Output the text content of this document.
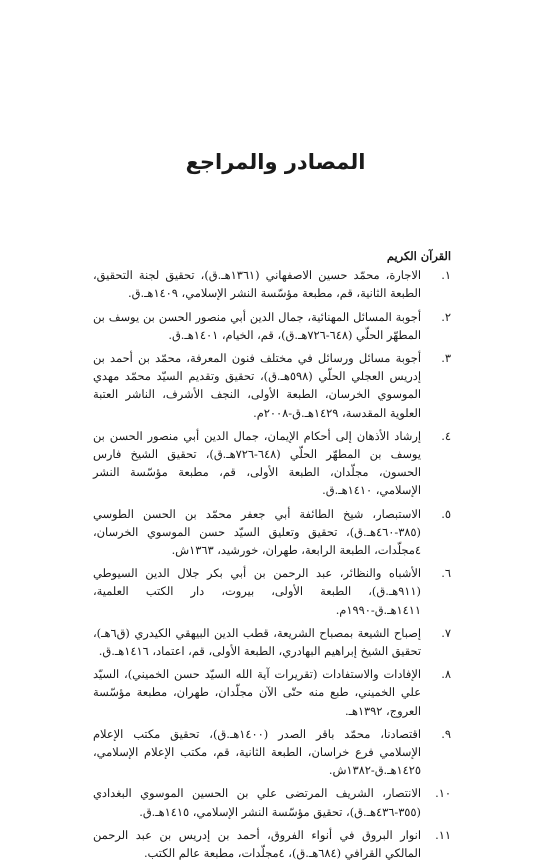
المصادر والمراجع
القرآن الكريم
١.
الاجارة، محمّد حسين الاصفهاني (١٣٦١هـ.ق)، تحقيق لجنة التحقيق، الطبعة الثانية، قم، مطبعة مؤسّسة النشر الإسلامي، ١٤٠٩هـ.ق.
٢.
أجوبة المسائل المهنائية، جمال الدين أبي منصور الحسن بن يوسف بن المطهّر الحلّي (٦٤٨-٧٢٦هـ.ق)، قم، الخيام، ١٤٠١هـ.ق.
٣.
أجوبة مسائل ورسائل في مختلف فنون المعرفة، محمّد بن أحمد بن إدريس العجلي الحلّي (٥٩٨هـ.ق)، تحقيق وتقديم السيّد محمّد مهدي الموسوي الخرسان، الطبعة الأولى، النجف الأشرف، الناشر العتبة العلوية المقدسة، ١٤٢٩هـ.ق-٢٠٠٨م.
٤.
إرشاد الأذهان إلى أحكام الإيمان، جمال الدين أبي منصور الحسن بن يوسف بن المطهّر الحلّي (٦٤٨-٧٢٦هـ.ق)، تحقيق الشيخ فارس الحسون، مجلّدان، الطبعة الأولى، قم، مطبعة مؤسّسة النشر الإسلامي، ١٤١٠هـ.ق.
٥.
الاستبصار، شيخ الطائفة أبي جعفر محمّد بن الحسن الطوسي (٣٨٥-٤٦٠هـ.ق)، تحقيق وتعليق السيّد حسن الموسوي الخرسان، ٤مجلّدات، الطبعة الرابعة، طهران، خورشيد، ١٣٦٣ش.
٦.
الأشباه والنظائر، عبد الرحمن بن أبي بكر جلال الدين السيوطي (٩١١هـ.ق)، الطبعة الأولى، بيروت، دار الكتب العلمية، ١٤١١هـ.ق-١٩٩٠م.
٧.
إصباح الشيعة بمصباح الشريعة، قطب الدين البيهقي الكيدري (ق٦هـ)، تحقيق الشيخ إبراهيم البهادري، الطبعة الأولى، قم، اعتماد، ١٤١٦هـ.ق.
٨.
الإفادات والاستفادات (تقريرات آية الله السيّد حسن الخميني)، السيّد علي الخميني، طبع منه حتّى الآن مجلّدان، طهران، مطبعة مؤسّسة العروج، ١٣٩٢هـ.
٩.
اقتصادنا، محمّد باقر الصدر (١٤٠٠هـ.ق)، تحقيق مكتب الإعلام الإسلامي فرع خراسان، الطبعة الثانية، قم، مكتب الإعلام الإسلامي، ١٤٢٥هـ.ق-١٣٨٢ش.
١٠.
الانتصار، الشريف المرتضى علي بن الحسين الموسوي البغدادي (٣٥٥-٤٣٦هـ.ق)، تحقيق مؤسّسة النشر الإسلامي، ١٤١٥هـ.ق.
١١.
انوار البروق في أنواء الفروق، أحمد بن إدريس بن عبد الرحمن المالكي القرافي (٦٨٤هـ.ق)، ٤مجلّدات، مطبعة عالم الكتب.
